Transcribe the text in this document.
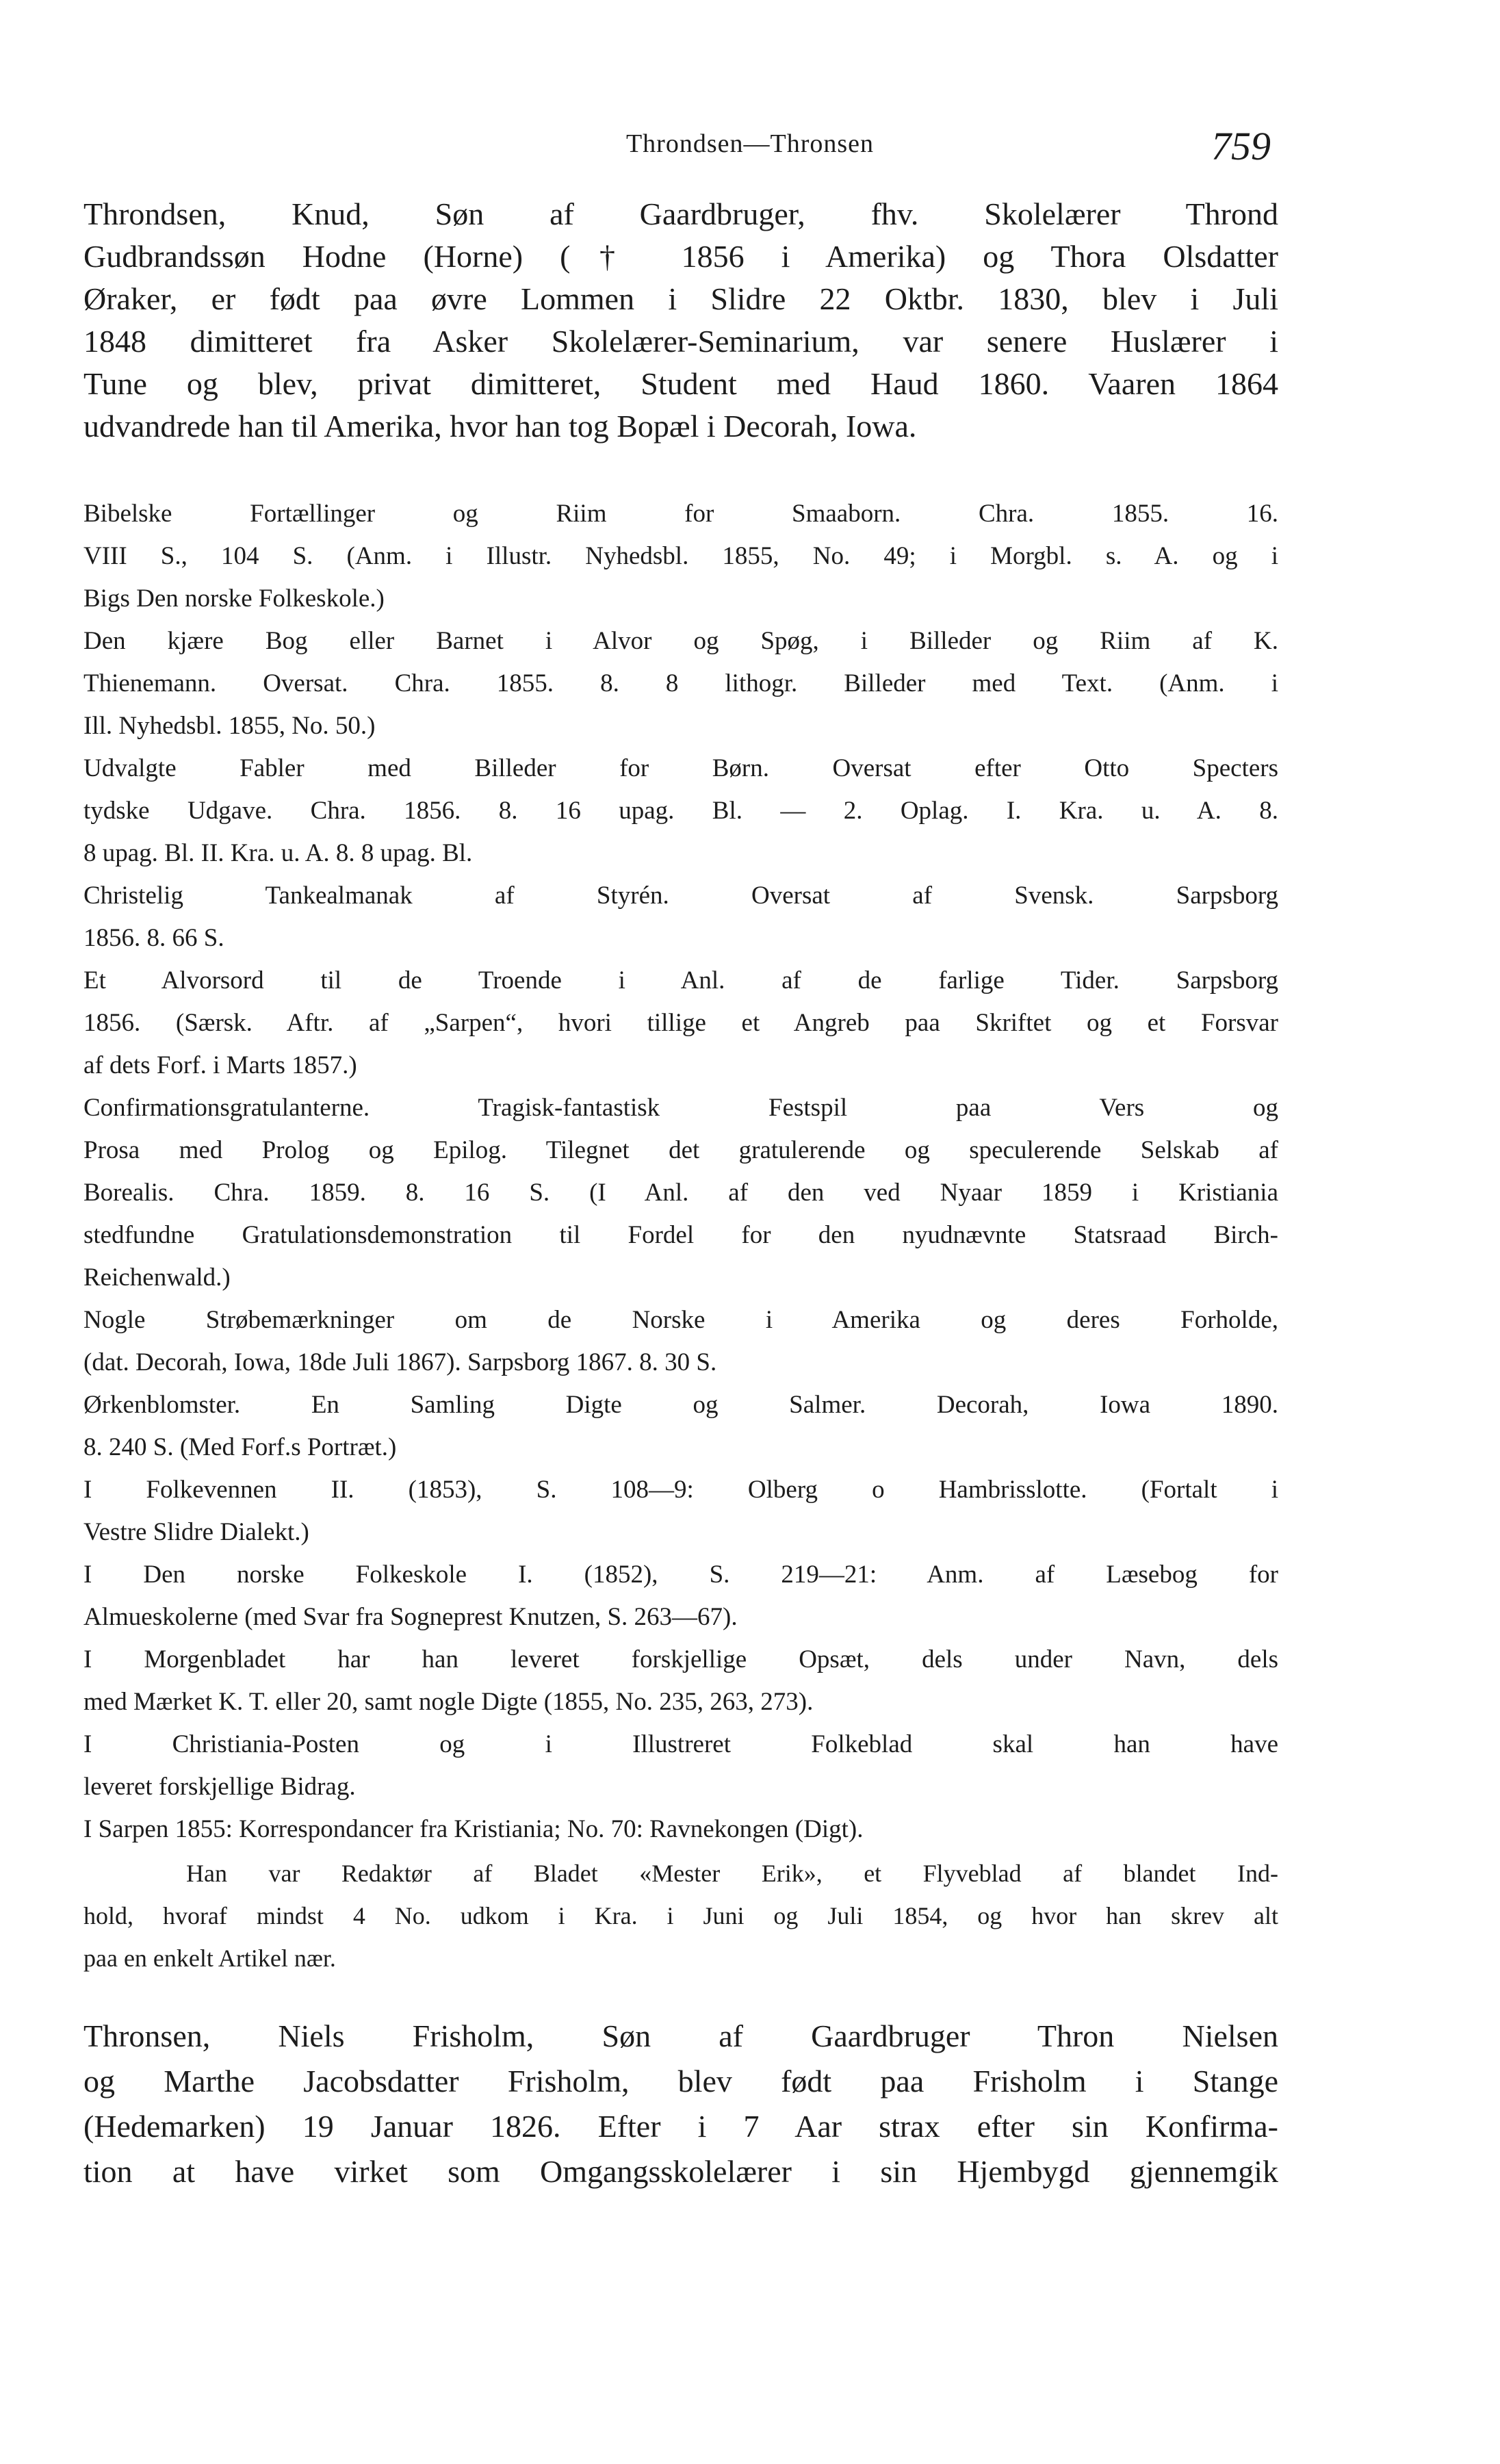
Throndsen—Thronsen	759
Throndsen, Knud, Søn af Gaardbruger, fhv. Skolelærer Thrond
Gudbrandssøn Hodne (Horne) († 1856 i Amerika) og Thora Olsdatter
Øraker, er født paa øvre Lommen i Slidre 22 Oktbr. 1830, blev i Juli
1848 dimitteret fra Asker Skolelærer-Seminarium, var senere Huslærer i
Tune og blev, privat dimitteret, Student med Haud 1860. Vaaren 1864
udvandrede han til Amerika, hvor han tog Bopæl i Decorah, Iowa.
Bibelske Fortællinger og Riim for Smaaborn. Chra. 1855. 16.
VIII S., 104 S. (Anm. i Illustr. Nyhedsbl. 1855, No. 49; i Morgbl. s. A. og i
Bigs Den norske Folkeskole.)
Den kjære Bog eller Barnet i Alvor og Spøg, i Billeder og Riim af K.
Thienemann. Oversat. Chra. 1855. 8. 8 lithogr. Billeder med Text. (Anm. i
Ill. Nyhedsbl. 1855, No. 50.)
Udvalgte Fabler med Billeder for Børn. Oversat efter Otto Specters
tydske Udgave. Chra. 1856. 8. 16 upag. Bl. — 2. Oplag. I. Kra. u. A. 8.
8 upag. Bl. II. Kra. u. A. 8. 8 upag. Bl.
Christelig Tankealmanak af Styrén. Oversat af Svensk. Sarpsborg
1856. 8. 66 S.
Et Alvorsord til de Troende i Anl. af de farlige Tider. Sarpsborg
1856. (Særsk. Aftr. af „Sarpen“, hvori tillige et Angreb paa Skriftet og et Forsvar
af dets Forf. i Marts 1857.)
Confirmationsgratulanterne. Tragisk-fantastisk Festspil paa Vers og
Prosa med Prolog og Epilog. Tilegnet det gratulerende og speculerende Selskab af
Borealis. Chra. 1859. 8. 16 S. (I Anl. af den ved Nyaar 1859 i Kristiania
stedfundne Gratulationsdemonstration til Fordel for den nyudnævnte Statsraad Birch-
Reichenwald.)
Nogle Strøbemærkninger om de Norske i Amerika og deres Forholde,
(dat. Decorah, Iowa, 18de Juli 1867). Sarpsborg 1867. 8. 30 S.
Ørkenblomster. En Samling Digte og Salmer. Decorah, Iowa 1890.
8. 240 S. (Med Forf.s Portræt.)
I Folkevennen II. (1853), S. 108—9: Olberg o Hambrisslotte. (Fortalt i
Vestre Slidre Dialekt.)
I Den norske Folkeskole I. (1852), S. 219—21: Anm. af Læsebog for
Almueskolerne (med Svar fra Sogneprest Knutzen, S. 263—67).
I Morgenbladet har han leveret forskjellige Opsæt, dels under Navn, dels
med Mærket K. T. eller 20, samt nogle Digte (1855, No. 235, 263, 273).
I Christiania-Posten og i Illustreret Folkeblad skal han have
leveret forskjellige Bidrag.
I Sarpen 1855: Korrespondancer fra Kristiania; No. 70: Ravnekongen (Digt).
Han var Redaktør af Bladet «Mester Erik», et Flyveblad af blandet Ind-
hold, hvoraf mindst 4 No. udkom i Kra. i Juni og Juli 1854, og hvor han skrev alt
paa en enkelt Artikel nær.
Thronsen, Niels Frisholm, Søn af Gaardbruger Thron Nielsen
og Marthe Jacobsdatter Frisholm, blev født paa Frisholm i Stange
(Hedemarken) 19 Januar 1826. Efter i 7 Aar strax efter sin Konfirma-
tion at have virket som Omgangsskolelærer i sin Hjembygd gjennemgik
